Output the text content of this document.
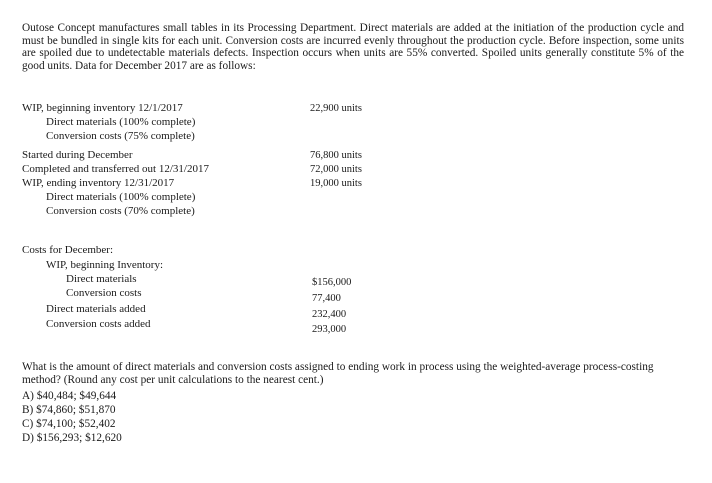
Outose Concept manufactures small tables in its Processing Department. Direct materials are added at the initiation of the production cycle and must be bundled in single kits for each unit. Conversion costs are incurred evenly throughout the production cycle. Before inspection, some units are spoiled due to undetectable materials defects. Inspection occurs when units are 55% converted. Spoiled units generally constitute 5% of the good units. Data for December 2017 are as follows:

WIP, beginning inventory 12/1/2017	22,900 units
Direct materials (100% complete)
Conversion costs (75% complete)
Started during December	76,800 units
Completed and transferred out 12/31/2017	72,000 units
WIP, ending inventory 12/31/2017	19,000 units
Direct materials (100% complete)
Conversion costs (70% complete)
Costs for December:
WIP, beginning Inventory:
Direct materials	$156,000
Conversion costs	77,400
Direct materials added	232,400
Conversion costs added	293,000

What is the amount of direct materials and conversion costs assigned to ending work in process using the weighted-average process-costing method? (Round any cost per unit calculations to the nearest cent.)

A) $40,484; $49,644
B) $74,860; $51,870
C) $74,100; $52,402
D) $156,293; $12,620
